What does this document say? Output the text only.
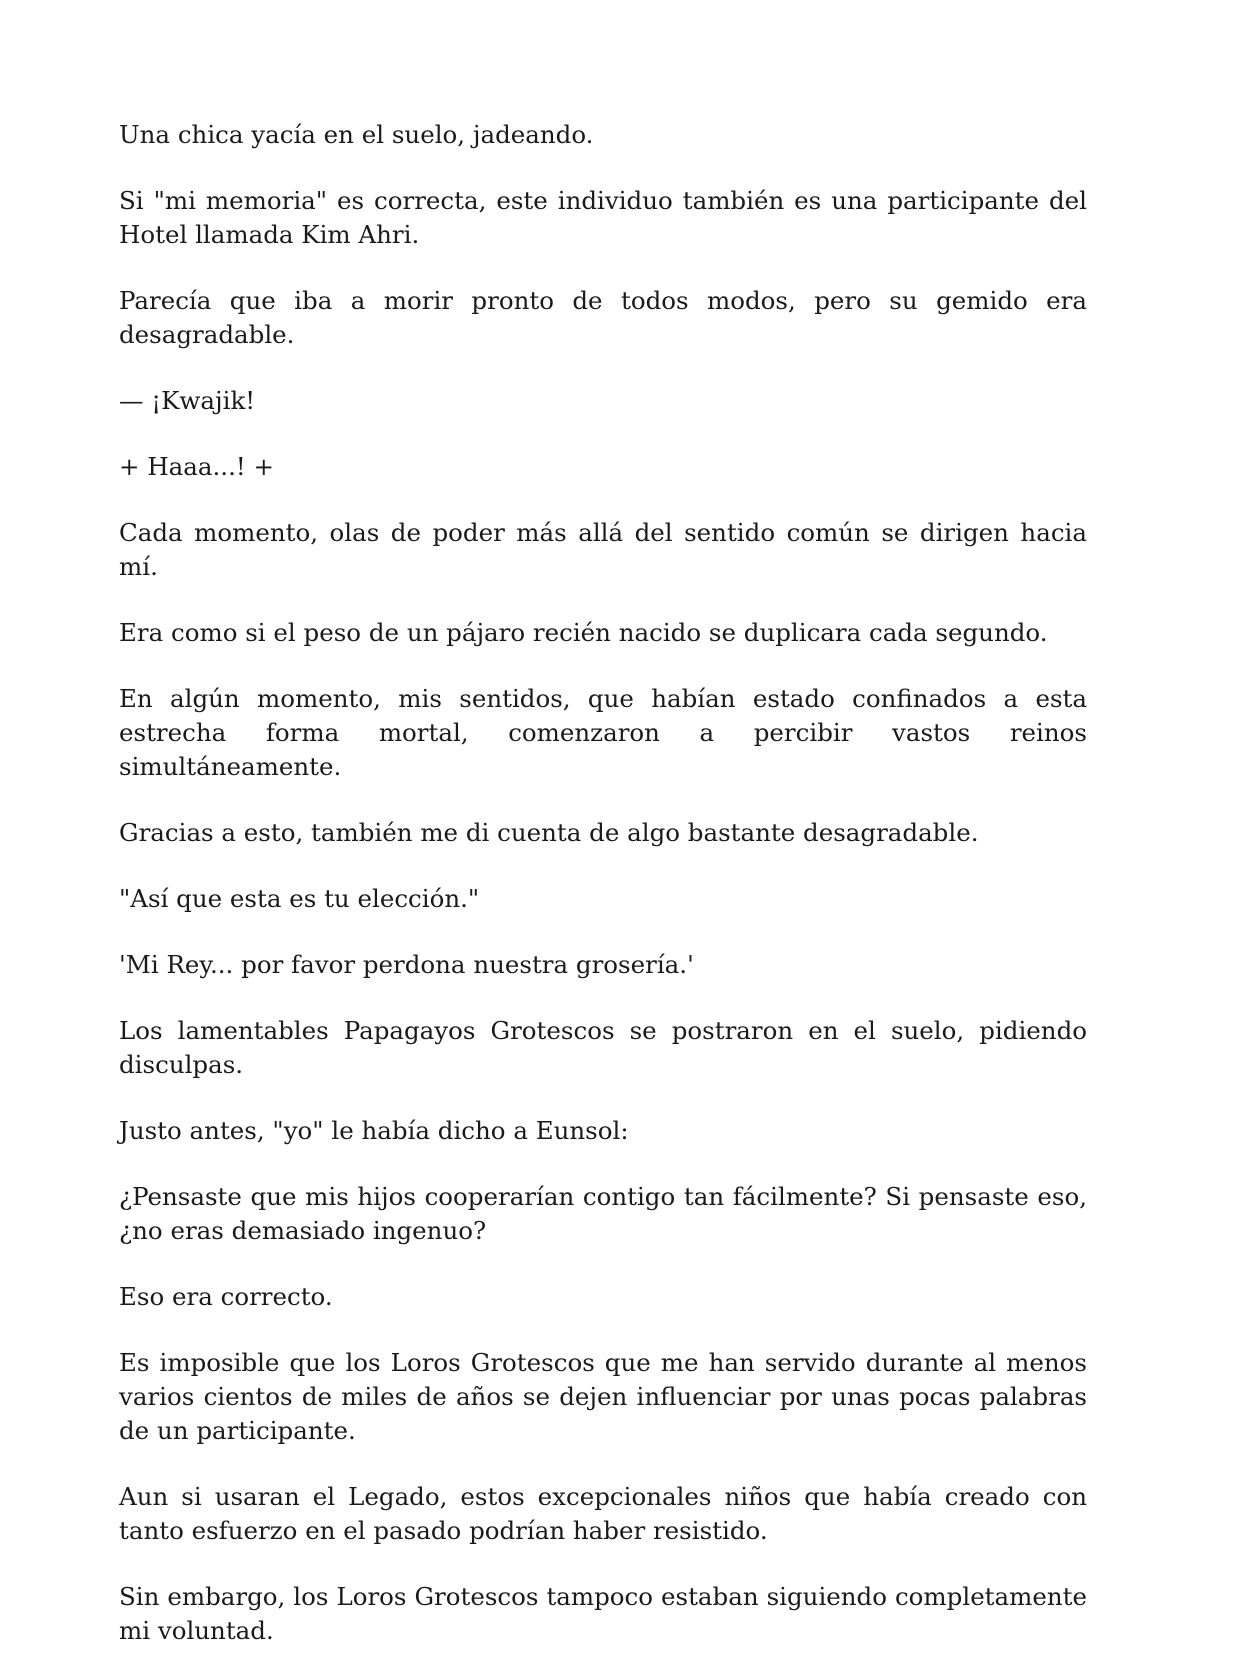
Una chica yacía en el suelo, jadeando.

Si "mi memoria" es correcta, este individuo también es una participante del Hotel llamada Kim Ahri.

Parecía que iba a morir pronto de todos modos, pero su gemido era desagradable.

— ¡Kwajik!

+ Haaa...! +

Cada momento, olas de poder más allá del sentido común se dirigen hacia mí.

Era como si el peso de un pájaro recién nacido se duplicara cada segundo.

En algún momento, mis sentidos, que habían estado confinados a esta estrecha forma mortal, comenzaron a percibir vastos reinos simultáneamente.

Gracias a esto, también me di cuenta de algo bastante desagradable.

"Así que esta es tu elección."

'Mi Rey... por favor perdona nuestra grosería.'

Los lamentables Papagayos Grotescos se postraron en el suelo, pidiendo disculpas.

Justo antes, "yo" le había dicho a Eunsol:

¿Pensaste que mis hijos cooperarían contigo tan fácilmente? Si pensaste eso, ¿no eras demasiado ingenuo?

Eso era correcto.

Es imposible que los Loros Grotescos que me han servido durante al menos varios cientos de miles de años se dejen influenciar por unas pocas palabras de un participante.

Aun si usaran el Legado, estos excepcionales niños que había creado con tanto esfuerzo en el pasado podrían haber resistido.

Sin embargo, los Loros Grotescos tampoco estaban siguiendo completamente mi voluntad.
